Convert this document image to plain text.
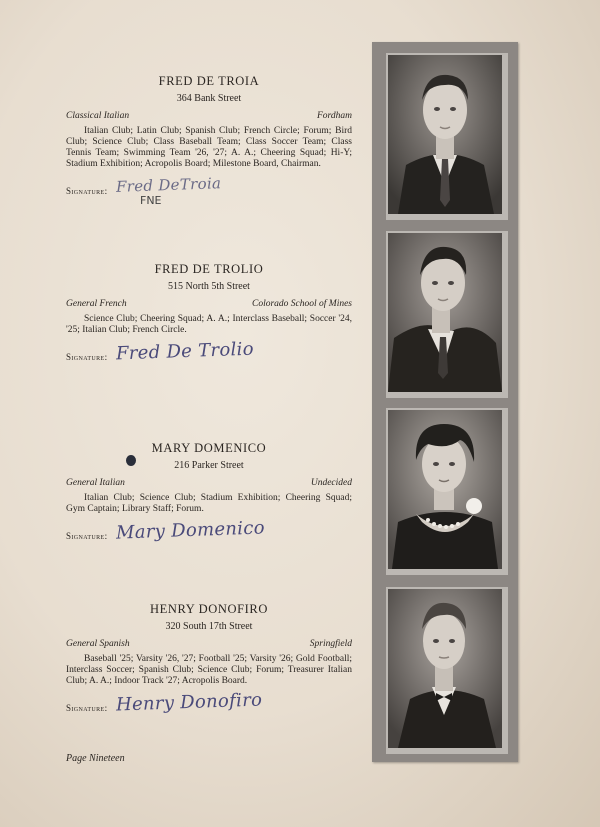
FRED DE TROIA
364 Bank Street
Classical Italian	Fordham
Italian Club; Latin Club; Spanish Club; French Circle; Forum; Bird Club; Science Club; Class Baseball Team; Class Soccer Team; Class Tennis Team; Swimming Team '26, '27; A. A.; Cheering Squad; Hi-Y; Stadium Exhibition; Acropolis Board; Milestone Board, Chairman.
Signature: Fred DeTroia
FNE
FRED DE TROLIO
515 North 5th Street
General French	Colorado School of Mines
Science Club; Cheering Squad; A. A.; Interclass Baseball; Soccer '24, '25; Italian Club; French Circle.
Signature: Fred De Trolio
MARY DOMENICO
216 Parker Street
General Italian	Undecided
Italian Club; Science Club; Stadium Exhibition; Cheering Squad; Gym Captain; Library Staff; Forum.
Signature: Mary Domenico
HENRY DONOFIRO
320 South 17th Street
General Spanish	Springfield
Baseball '25; Varsity '26, '27; Football '25; Varsity '26; Gold Football; Interclass Soccer; Spanish Club; Science Club; Forum; Treasurer Italian Club; A. A.; Indoor Track '27; Acropolis Board.
Signature: Henry Donofiro
Page Nineteen
